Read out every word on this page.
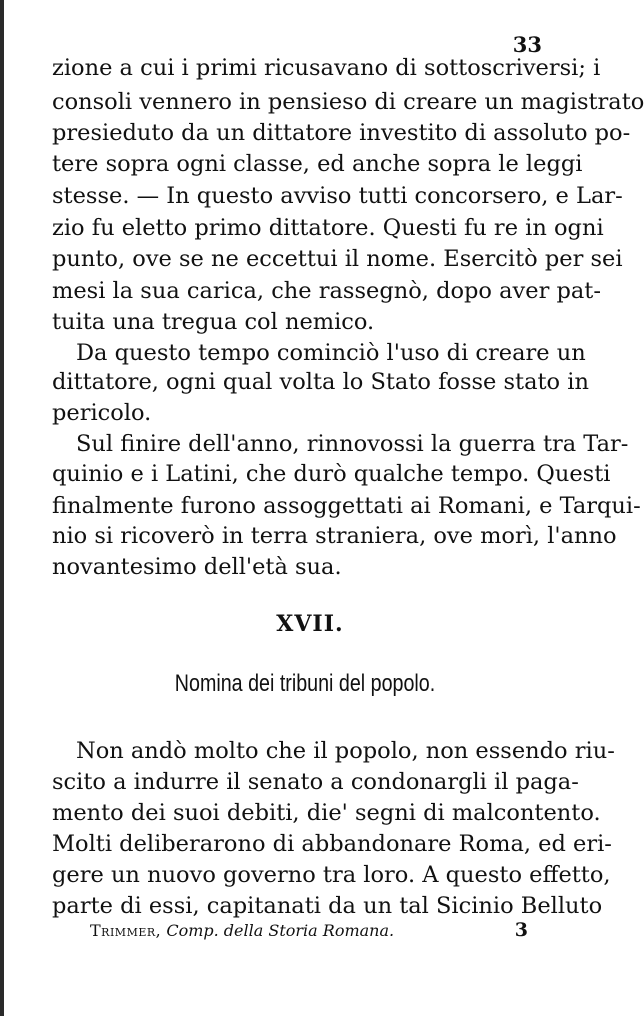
33
zione a cui i primi ricusavano di sottoscriversi; i
consoli vennero in pensieso di creare un magistrato
presieduto da un dittatore investito di assoluto po-
tere sopra ogni classe, ed anche sopra le leggi
stesse. — In questo avviso tutti concorsero, e Lar-
zio fu eletto primo dittatore. Questi fu re in ogni
punto, ove se ne eccettui il nome. Esercitò per sei
mesi la sua carica, che rassegnò, dopo aver pat-
tuita una tregua col nemico.
Da questo tempo cominciò l'uso di creare un
dittatore, ogni qual volta lo Stato fosse stato in
pericolo.
Sul finire dell'anno, rinnovossi la guerra tra Tar-
quinio e i Latini, che durò qualche tempo. Questi
finalmente furono assoggettati ai Romani, e Tarqui-
nio si ricoverò in terra straniera, ove morì, l'anno
novantesimo dell'età sua.
XVII.
Nomina dei tribuni del popolo.
Non andò molto che il popolo, non essendo riu-
scito a indurre il senato a condonargli il paga-
mento dei suoi debiti, die' segni di malcontento.
Molti deliberarono di abbandonare Roma, ed eri-
gere un nuovo governo tra loro. A questo effetto,
parte di essi, capitanati da un tal Sicinio Belluto
Trimmer, Comp. della Storia Romana.	3
